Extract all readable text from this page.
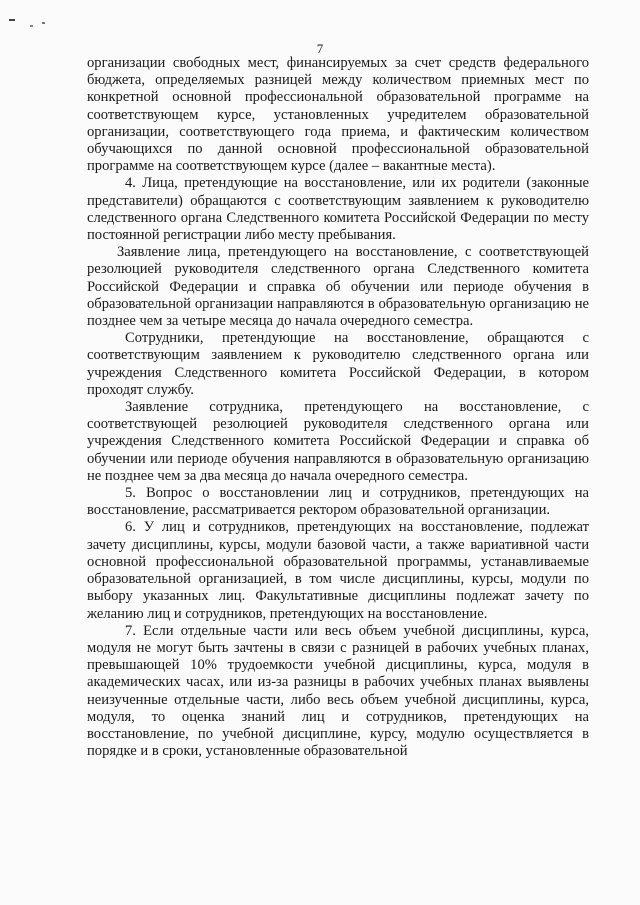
7

организации свободных мест, финансируемых за счет средств федерального бюджета, определяемых разницей между количеством приемных мест по конкретной основной профессиональной образовательной программе на соответствующем курсе, установленных учредителем образовательной организации, соответствующего года приема, и фактическим количеством обучающихся по данной основной профессиональной образовательной программе на соответствующем курсе (далее – вакантные места).

4. Лица, претендующие на восстановление, или их родители (законные представители) обращаются с соответствующим заявлением к руководителю следственного органа Следственного комитета Российской Федерации по месту постоянной регистрации либо месту пребывания.

Заявление лица, претендующего на восстановление, с соответствующей резолюцией руководителя следственного органа Следственного комитета Российской Федерации и справка об обучении или периоде обучения в образовательной организации направляются в образовательную организацию не позднее чем за четыре месяца до начала очередного семестра.

Сотрудники, претендующие на восстановление, обращаются с соответствующим заявлением к руководителю следственного органа или учреждения Следственного комитета Российской Федерации, в котором проходят службу.

Заявление сотрудника, претендующего на восстановление, с соответствующей резолюцией руководителя следственного органа или учреждения Следственного комитета Российской Федерации и справка об обучении или периоде обучения направляются в образовательную организацию не позднее чем за два месяца до начала очередного семестра.

5. Вопрос о восстановлении лиц и сотрудников, претендующих на восстановление, рассматривается ректором образовательной организации.

6. У лиц и сотрудников, претендующих на восстановление, подлежат зачету дисциплины, курсы, модули базовой части, а также вариативной части основной профессиональной образовательной программы, устанавливаемые образовательной организацией, в том числе дисциплины, курсы, модули по выбору указанных лиц. Факультативные дисциплины подлежат зачету по желанию лиц и сотрудников, претендующих на восстановление.

7. Если отдельные части или весь объем учебной дисциплины, курса, модуля не могут быть зачтены в связи с разницей в рабочих учебных планах, превышающей 10% трудоемкости учебной дисциплины, курса, модуля в академических часах, или из-за разницы в рабочих учебных планах выявлены неизученные отдельные части, либо весь объем учебной дисциплины, курса, модуля, то оценка знаний лиц и сотрудников, претендующих на восстановление, по учебной дисциплине, курсу, модулю осуществляется в порядке и в сроки, установленные образовательной
